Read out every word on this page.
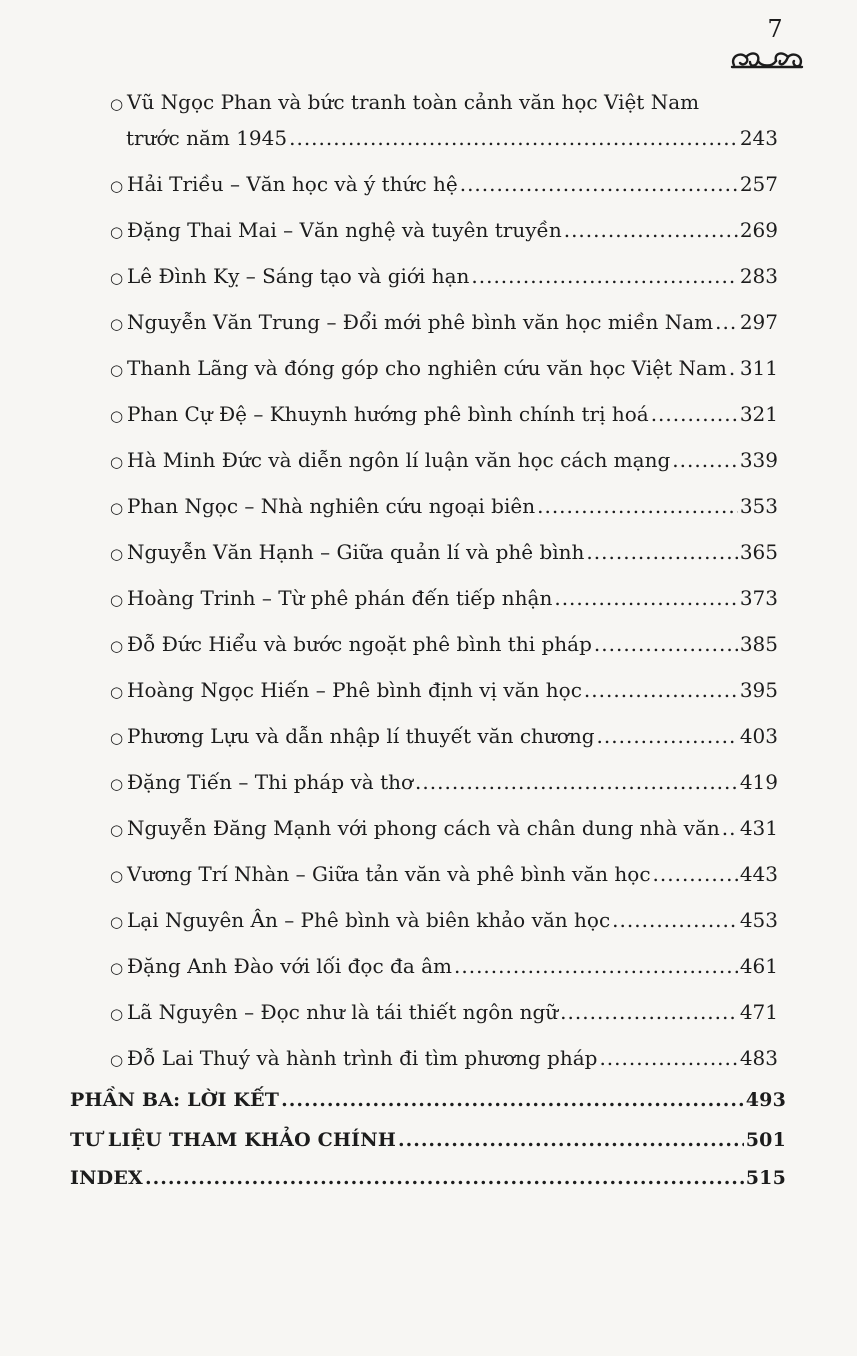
7
○ Vũ Ngọc Phan và bức tranh toàn cảnh văn học Việt Nam
trước năm 1945 .....	243
○ Hải Triều – Văn học và ý thức hệ .....	257
○ Đặng Thai Mai – Văn nghệ và tuyên truyền .....	269
○ Lê Đình Kỵ – Sáng tạo và giới hạn .....	283
○ Nguyễn Văn Trung – Đổi mới phê bình văn học miền Nam ..... 297
○ Thanh Lãng và đóng góp cho nghiên cứu văn học Việt Nam ..... 311
○ Phan Cự Đệ – Khuynh hướng phê bình chính trị hoá .....	321
○ Hà Minh Đức và diễn ngôn lí luận văn học cách mạng .....	339
○ Phan Ngọc – Nhà nghiên cứu ngoại biên .....	353
○ Nguyễn Văn Hạnh – Giữa quản lí và phê bình .....	365
○ Hoàng Trinh – Từ phê phán đến tiếp nhận .....	373
○ Đỗ Đức Hiểu và bước ngoặt phê bình thi pháp .....	385
○ Hoàng Ngọc Hiến – Phê bình định vị văn học .....	395
○ Phương Lựu và dẫn nhập lí thuyết văn chương .....	403
○ Đặng Tiến – Thi pháp và thơ .....	419
○ Nguyễn Đăng Mạnh với phong cách và chân dung nhà văn ..... 431
○ Vương Trí Nhàn – Giữa tản văn và phê bình văn học .....	443
○ Lại Nguyên Ân – Phê bình và biên khảo văn học .....	453
○ Đặng Anh Đào với lối đọc đa âm .....	461
○ Lã Nguyên – Đọc như là tái thiết ngôn ngữ .....	471
○ Đỗ Lai Thuý và hành trình đi tìm phương pháp .....	483
PHẦN BA: LỜI KẾT .....	493
TƯ LIỆU THAM KHẢO CHÍNH .....	501
INDEX .....	515
